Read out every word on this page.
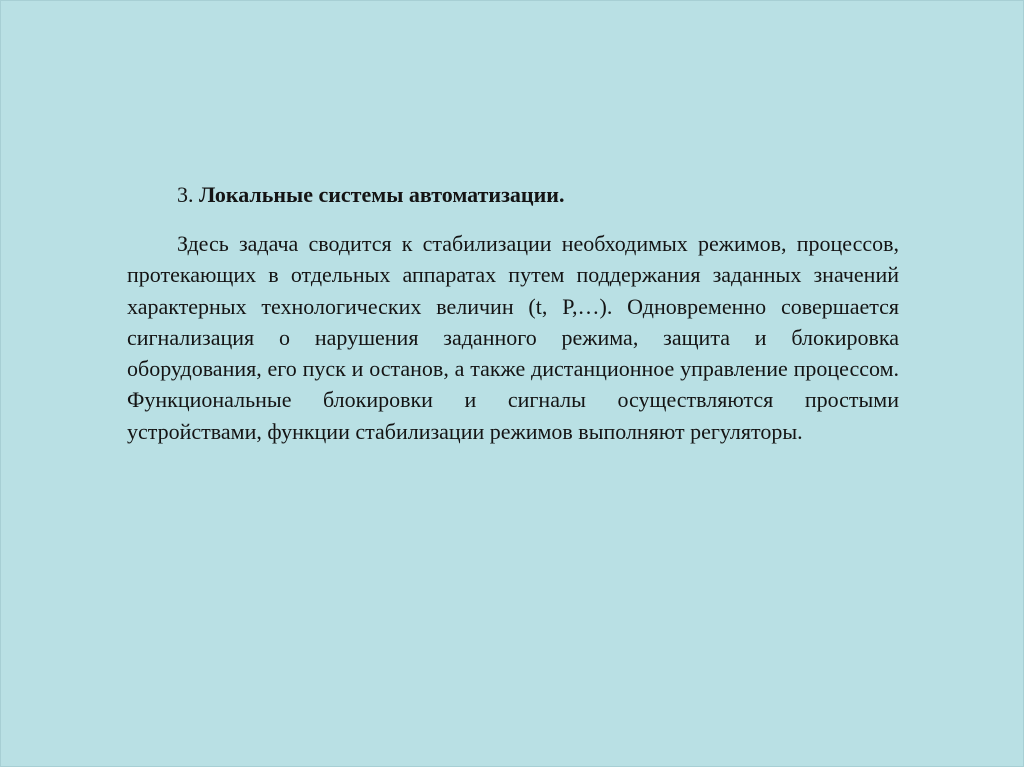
3. Локальные системы автоматизации.

Здесь задача сводится к стабилизации необходимых режимов, процессов, протекающих в отдельных аппаратах путем поддержания заданных значений характерных технологических величин (t, P,…). Одновременно совершается сигнализация о нарушения заданного режима, защита и блокировка оборудования, его пуск и останов, а также дистанционное управление процессом. Функциональные блокировки и сигналы осуществляются простыми устройствами, функции стабилизации режимов выполняют регуляторы.
